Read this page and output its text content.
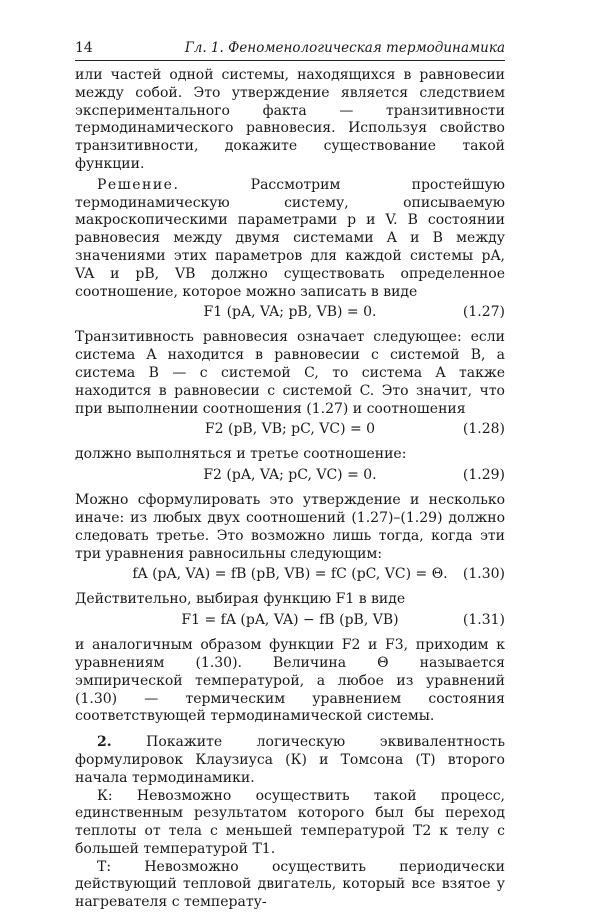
14	Гл. 1. Феноменологическая термодинамика

или частей одной системы, находящихся в равновесии между собой. Это утверждение является следствием экспериментального факта — транзитивности термодинамического равновесия. Используя свойство транзитивности, докажите существование такой функции.

Решение. Рассмотрим простейшую термодинамическую систему, описываемую макроскопическими параметрами p и V. В состоянии равновесия между двумя системами A и B между значениями этих параметров для каждой системы pA, VA и pB, VB должно существовать определенное соотношение, которое можно записать в виде

F1 (pA, VA; pB, VB) = 0.	(1.27)

Транзитивность равновесия означает следующее: если система A находится в равновесии с системой B, а система B — с системой C, то система A также находится в равновесии с системой C. Это значит, что при выполнении соотношения (1.27) и соотношения

F2 (pB, VB; pC, VC) = 0	(1.28)

должно выполняться и третье соотношение:

F2 (pA, VA; pC, VC) = 0.	(1.29)

Можно сформулировать это утверждение и несколько иначе: из любых двух соотношений (1.27)–(1.29) должно следовать третье. Это возможно лишь тогда, когда эти три уравнения равносильны следующим:

fA (pA, VA) = fB (pB, VB) = fC (pC, VC) = Θ.	(1.30)

Действительно, выбирая функцию F1 в виде

F1 = fA (pA, VA) − fB (pB, VB)	(1.31)

и аналогичным образом функции F2 и F3, приходим к уравнениям (1.30). Величина Θ называется эмпирической температурой, а любое из уравнений (1.30) — термическим уравнением состояния соответствующей термодинамической системы.

2. Покажите логическую эквивалентность формулировок Клаузиуса (К) и Томсона (Т) второго начала термодинамики.

К: Невозможно осуществить такой процесс, единственным результатом которого был бы переход теплоты от тела с меньшей температурой T2 к телу с большей температурой T1.

Т: Невозможно осуществить периодически действующий тепловой двигатель, который все взятое у нагревателя с температу-
